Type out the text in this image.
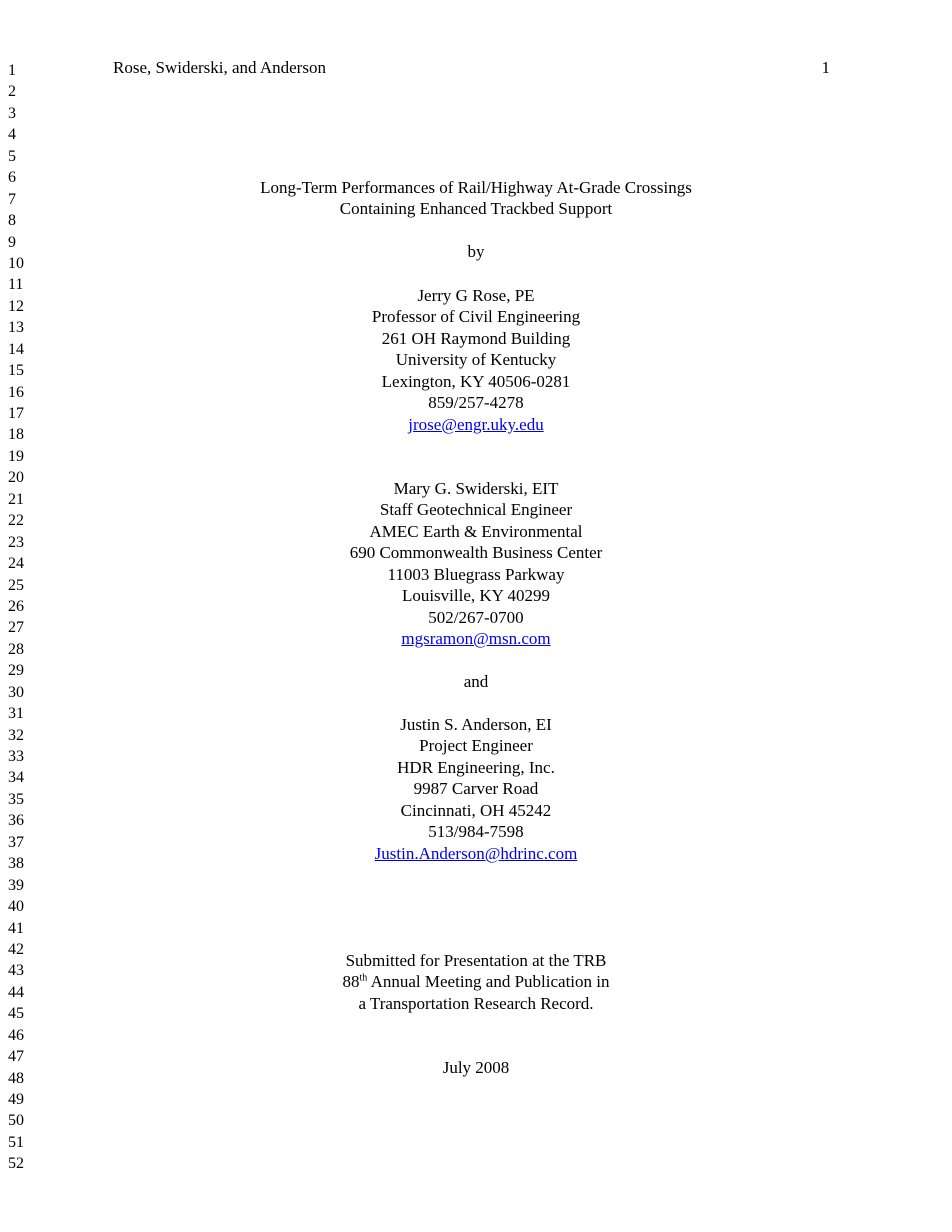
1
2
3
4
5
6
7
8
9
10
11
12
13
14
15
16
17
18
19
20
21
22
23
24
25
26
27
28
29
30
31
32
33
34
35
36
37
38
39
40
41
42
43
44
45
46
47
48
49
50
51
52
Rose, Swiderski, and Anderson	1
Long-Term Performances of Rail/Highway At-Grade Crossings
Containing Enhanced Trackbed Support
by
Jerry G Rose, PE
Professor of Civil Engineering
261 OH Raymond Building
University of Kentucky
Lexington, KY 40506-0281
859/257-4278
jrose@engr.uky.edu
Mary G. Swiderski, EIT
Staff Geotechnical Engineer
AMEC Earth & Environmental
690 Commonwealth Business Center
11003 Bluegrass Parkway
Louisville, KY 40299
502/267-0700
mgsramon@msn.com
and
Justin S. Anderson, EI
Project Engineer
HDR Engineering, Inc.
9987 Carver Road
Cincinnati, OH 45242
513/984-7598
Justin.Anderson@hdrinc.com
Submitted for Presentation at the TRB
88th Annual Meeting and Publication in
a Transportation Research Record.
July 2008
